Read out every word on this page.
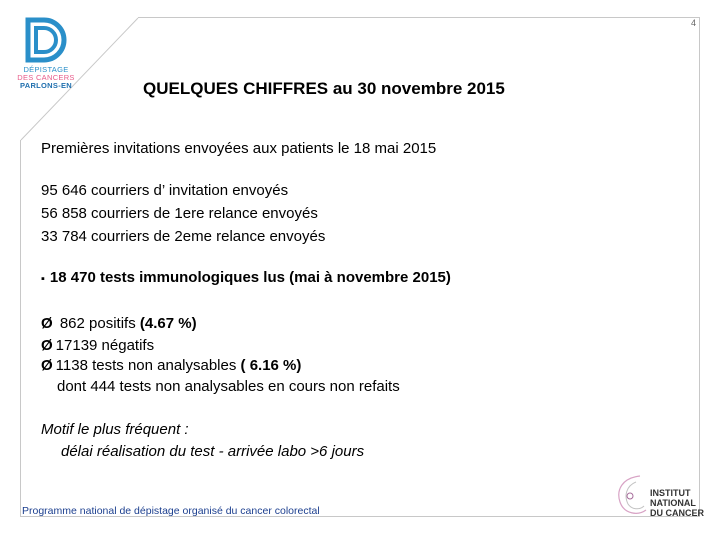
4
DÉPISTAGE
DES CANCERS
PARLONS-EN	QUELQUES CHIFFRES au 30 novembre 2015
Premières invitations envoyées aux patients le 18 mai 2015
95 646 courriers d’ invitation envoyés
56 858 courriers de 1ere relance envoyés
33 784 courriers de 2eme relance envoyés
▪ 18 470 tests immunologiques lus (mai à novembre 2015)
Ø 862 positifs (4.67 %)
Ø 17139 négatifs
Ø 1138 tests non analysables ( 6.16 %)
dont 444 tests non analysables en cours non refaits
Motif le plus fréquent :
délai réalisation du test - arrivée labo >6 jours
Programme national de dépistage organisé du cancer colorectal
INSTITUT
NATIONAL
DU CANCER
